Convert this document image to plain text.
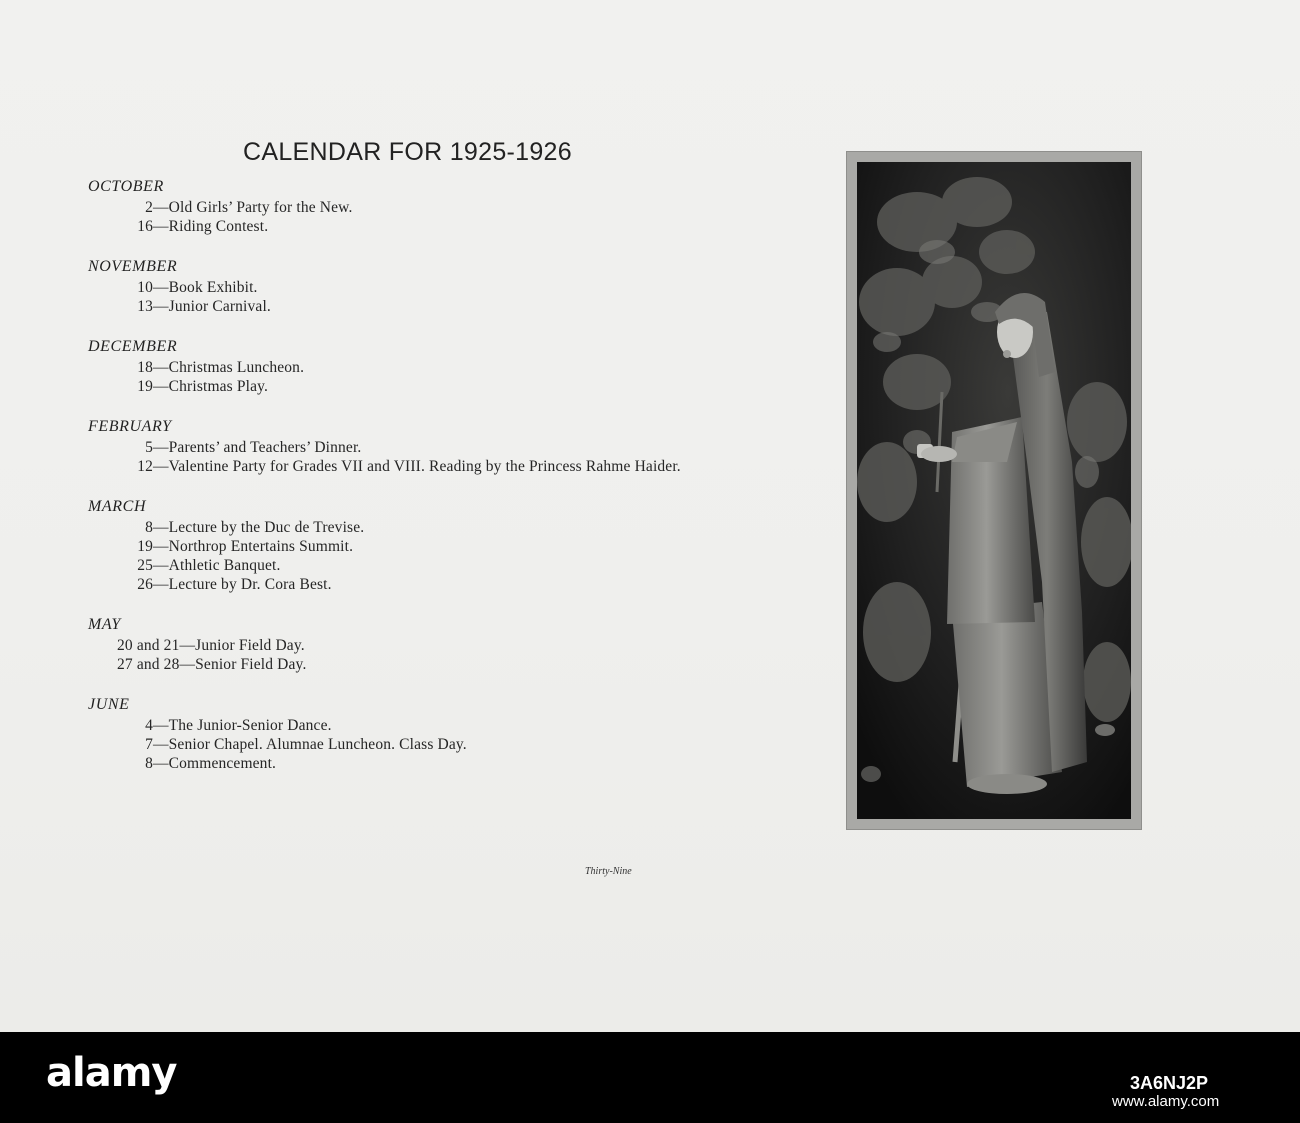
CALENDAR FOR 1925-1926
OCTOBER
2 — Old Girls’ Party for the New.
16 — Riding Contest.
NOVEMBER
10 — Book Exhibit.
13 — Junior Carnival.
DECEMBER
18 — Christmas Luncheon.
19 — Christmas Play.
FEBRUARY
5 — Parents’ and Teachers’ Dinner.
12 — Valentine Party for Grades VII and VIII. Reading by the Princess Rahme Haider.
MARCH
8 — Lecture by the Duc de Trevise.
19 — Northrop Entertains Summit.
25 — Athletic Banquet.
26 — Lecture by Dr. Cora Best.
MAY
20 and 21 — Junior Field Day.
27 and 28 — Senior Field Day.
JUNE
4 — The Junior-Senior Dance.
7 — Senior Chapel. Alumnae Luncheon. Class Day.
8 — Commencement.
Thirty-Nine
alamy	3A6NJ2P
www.alamy.com
